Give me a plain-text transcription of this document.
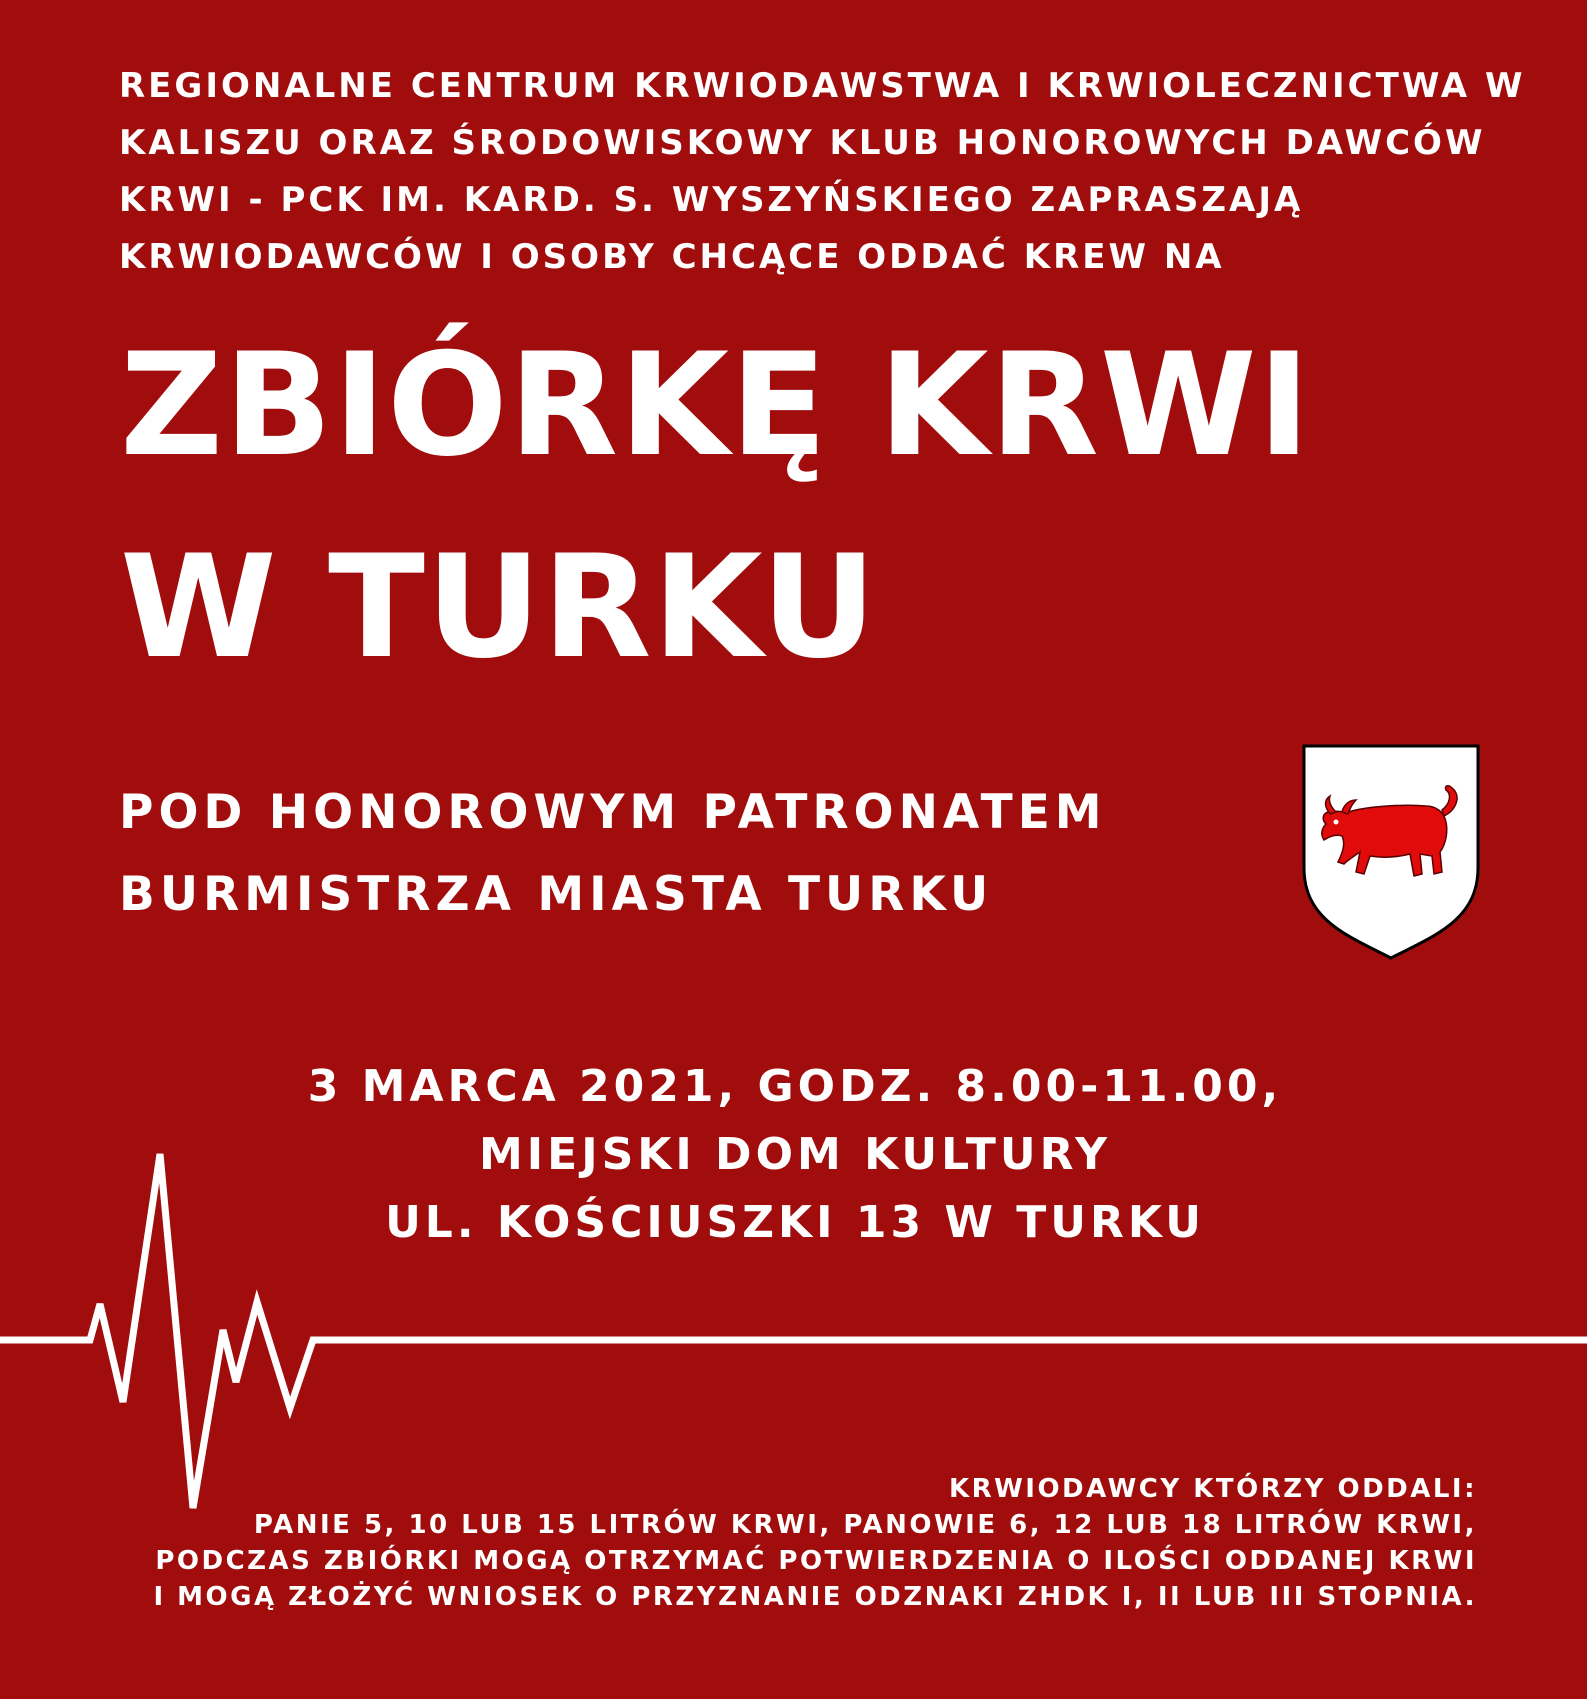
REGIONALNE CENTRUM KRWIODAWSTWA I KRWIOLECZNICTWA W
KALISZU ORAZ ŚRODOWISKOWY KLUB HONOROWYCH DAWCÓW
KRWI - PCK IM. KARD. S. WYSZYŃSKIEGO ZAPRASZAJĄ
KRWIODAWCÓW I OSOBY CHCĄCE ODDAĆ KREW NA
ZBIÓRKĘ KRWI
W TURKU
POD HONOROWYM PATRONATEM
BURMISTRZA MIASTA TURKU
3 MARCA 2021, GODZ. 8.00-11.00,
MIEJSKI DOM KULTURY
UL. KOŚCIUSZKI 13 W TURKU
KRWIODAWCY KTÓRZY ODDALI:
PANIE 5, 10 LUB 15 LITRÓW KRWI, PANOWIE 6, 12 LUB 18 LITRÓW KRWI,
PODCZAS ZBIÓRKI MOGĄ OTRZYMAĆ POTWIERDZENIA O ILOŚCI ODDANEJ KRWI
I MOGĄ ZŁOŻYĆ WNIOSEK O PRZYZNANIE ODZNAKI ZHDK I, II LUB III STOPNIA.
